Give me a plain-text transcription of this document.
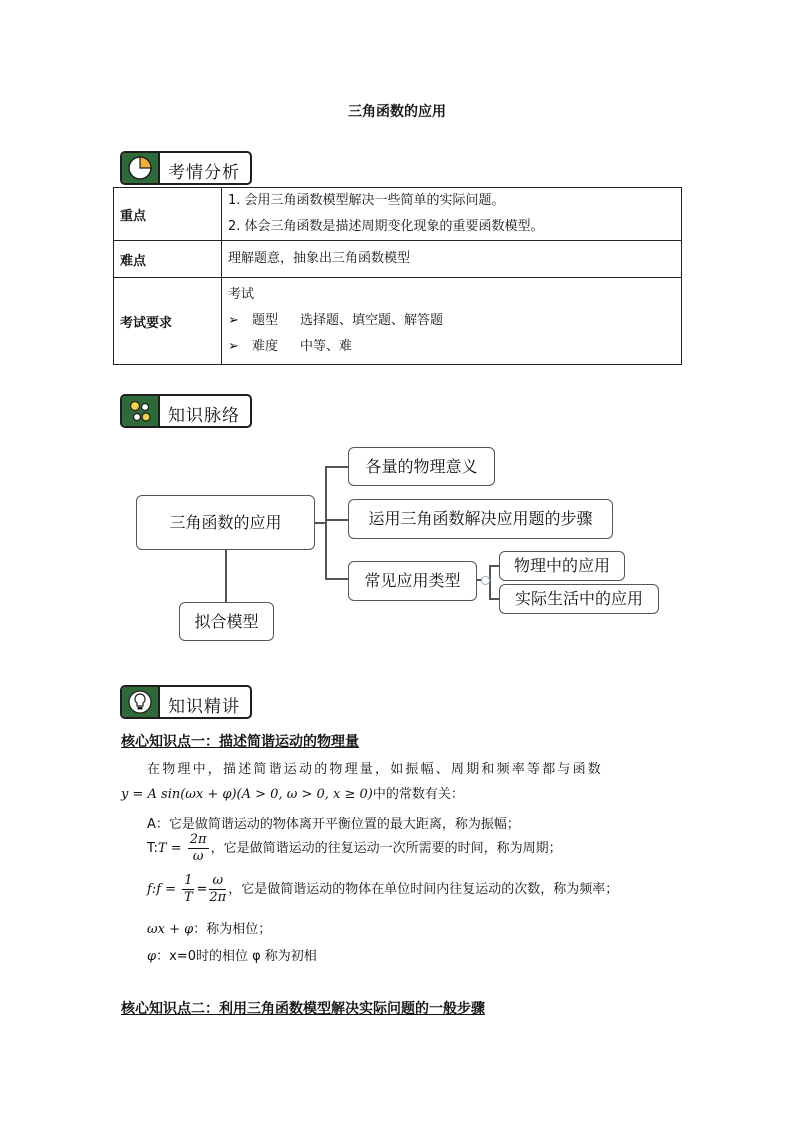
三角函数的应用
考情分析
重点	1. 会用三角函数模型解决一些简单的实际问题。
2. 体会三角函数是描述周期变化现象的重要函数模型。

难点	理解题意，抽象出三角函数模型

考试要求	考试
➢ 题型 选择题、填空题、解答题
➢ 难度 中等、难
知识脉络
三角函数的应用
拟合模型
各量的物理意义
运用三角函数解决应用题的步骤
常见应用类型
物理中的应用
实际生活中的应用
知识精讲
核心知识点一：描述简谐运动的物理量
在物理中，描述简谐运动的物理量，如振幅、周期和频率等都与函数
y = A sin(ωx + φ)(A > 0, ω > 0, x ≥ 0)中的常数有关：
A：它是做简谐运动的物体离开平衡位置的最大距离，称为振幅；
T:T = $\frac{2\pi}{\omega}$ ，它是做简谐运动的往复运动一次所需要的时间，称为周期；
f:f = $\frac{1}{T} = \frac{\omega}{2\pi}$ ，它是做简谐运动的物体在单位时间内往复运动的次数，称为频率；
ωx + φ：称为相位；
φ：x=0时的相位 φ 称为初相
核心知识点二：利用三角函数模型解决实际问题的一般步骤
